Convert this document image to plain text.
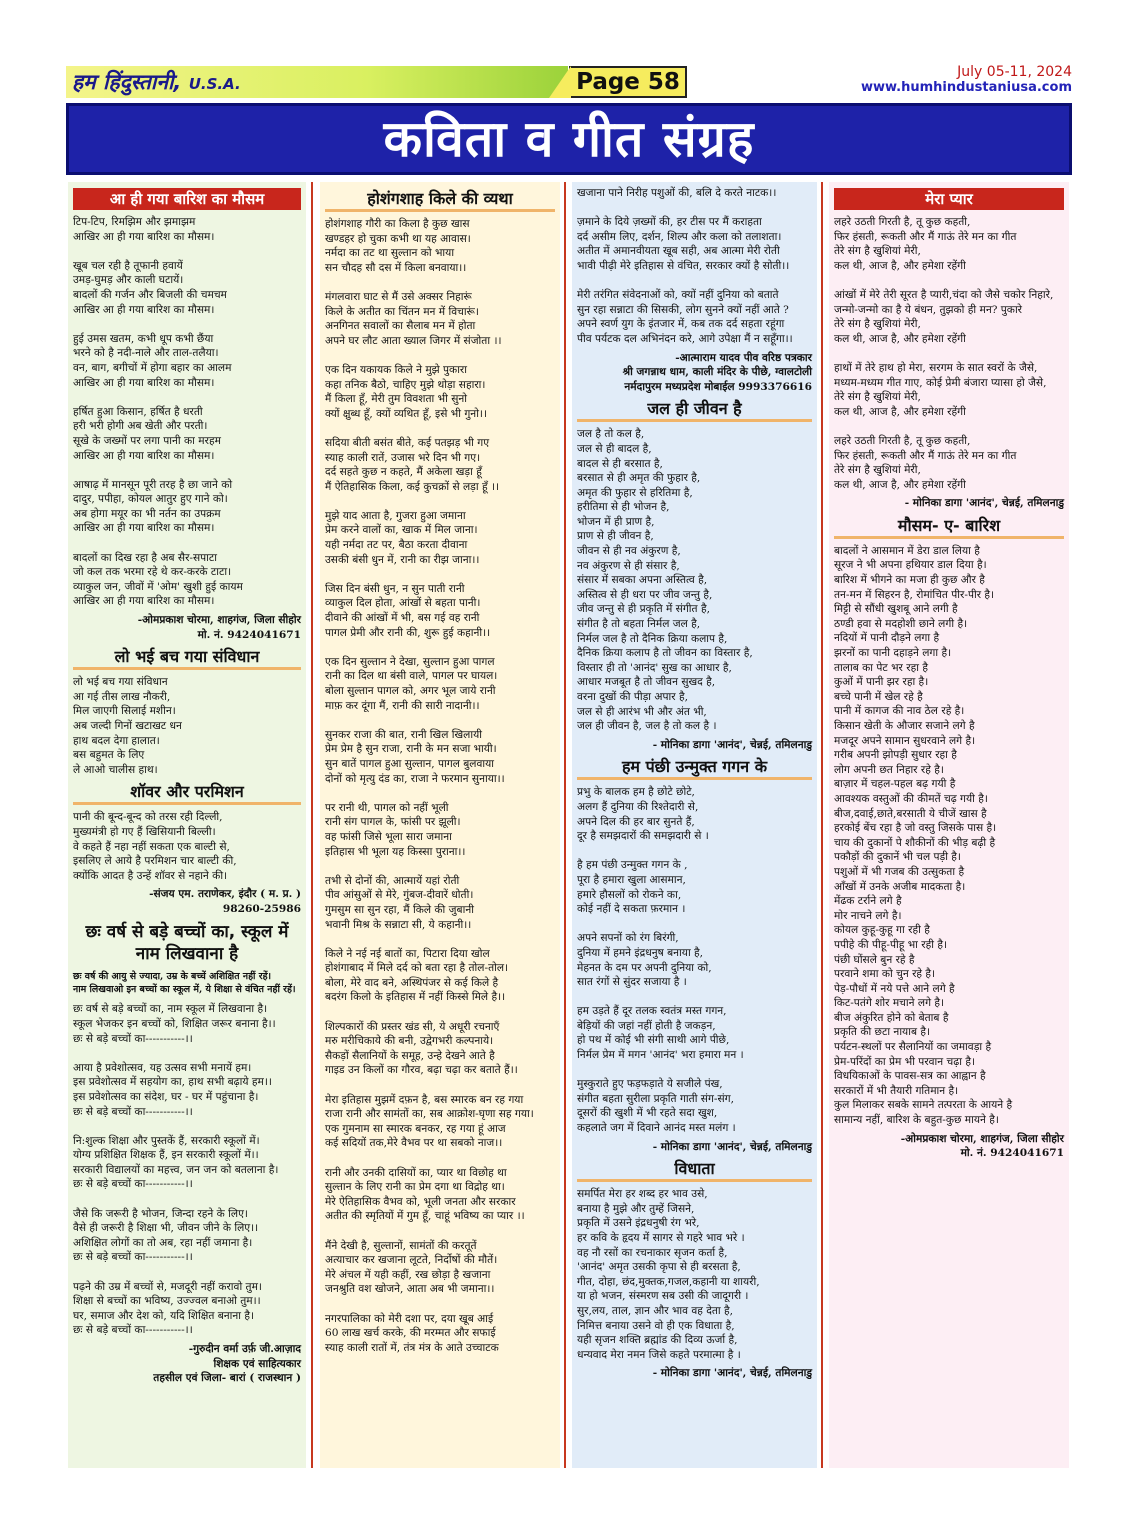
हम हिंदुस्तानी, U.S.A.	Page 58	July 05-11, 2024
www.humhindustaniusa.com
कविता व गीत संग्रह
आ ही गया बारिश का मौसम
टिप-टिप, रिमझिम और झमाझम
आखिर आ ही गया बारिश का मौसम।

खूब चल रही है तूफानी हवायें
उमड़-घुमड़ और काली घटायें।
बादलों की गर्जन और बिजली की चमचम
आखिर आ ही गया बारिश का मौसम।

हुई उमस खतम, कभी धूप कभी छैंया
भरने को है नदी-नाले और ताल-तलैया।
वन, बाग, बगीचों में होगा बहार का आलम
आखिर आ ही गया बारिश का मौसम।

हर्षित हुआ किसान, हर्षित है धरती
हरी भरी होगी अब खेती और परती।
सूखे के जख्मों पर लगा पानी का मरहम
आखिर आ ही गया बारिश का मौसम।

आषाढ़ में मानसून पूरी तरह है छा जाने को
दादुर, पपीहा, कोयल आतुर हुए गाने को।
अब होगा मयूर का भी नर्तन का उपक्रम
आखिर आ ही गया बारिश का मौसम।

बादलों का दिख रहा है अब सैर-सपाटा
जो कल तक भरमा रहे थे कर-करके टाटा।
व्याकुल जन, जीवों में 'ओम' खुशी हुई कायम
आखिर आ ही गया बारिश का मौसम।
-ओमप्रकाश चोरमा, शाहगंज, जिला सीहोर
मो. नं. 9424041671
लो भई बच गया संविधान
लो भई बच गया संविधान
आ गई तीस लाख नौकरी,
मिल जाएगी सिलाई मशीन।
अब जल्दी गिनों खटाखट धन
हाथ बदल देगा हालात।
बस बहुमत के लिए
ले आओ चालीस हाथ।
शॉवर और परमिशन
पानी की बून्द-बून्द को तरस रही दिल्ली,
मुख्यमंत्री हो गए हैं खिसियानी बिल्ली।
वे कहते हैं नहा नहीं सकता एक बाल्टी से,
इसलिए ले आये है परमिशन चार बाल्टी की,
क्योंकि आदत है उन्हें शॉवर से नहाने की।
-संजय एम. तराणेकर, इंदौर ( म. प्र. )
98260-25986
छः वर्ष से बड़े बच्चों का, स्कूल में नाम लिखवाना है
छः वर्ष की आयु से ज्यादा, उम्र के बच्चें अशिक्षित नहीं रहें।
नाम लिखवाओ इन बच्चों का स्कूल में, ये शिक्षा से वंचित नहीं रहें।
छः वर्ष से बड़े बच्चों का, नाम स्कूल में लिखवाना है।
स्कूल भेजकर इन बच्चों को, शिक्षित जरूर बनाना है।।
छः से बड़े बच्चों का-----------।।

आया है प्रवेशोत्सव, यह उत्सव सभी मनायें हम।
इस प्रवेशोत्सव में सहयोग का, हाथ सभी बढ़ाये हम।।
इस प्रवेशोत्सव का संदेश, घर - घर में पहुंचाना है।
छः से बड़े बच्चों का-----------।।

नि:शुल्क शिक्षा और पुस्तकें हैं, सरकारी स्कूलों में।
योग्य प्रशिक्षित शिक्षक हैं, इन सरकारी स्कूलों में।।
सरकारी विद्यालयों का महत्त्व, जन जन को बतलाना है।
छः से बड़े बच्चों का-----------।।

जैसे कि जरूरी है भोजन, जिन्दा रहने के लिए।
वैसे ही जरूरी है शिक्षा भी, जीवन जीने के लिए।।
अशिक्षित लोगों का तो अब, रहा नहीं जमाना है।
छः से बड़े बच्चों का-----------।।

पढ़ने की उम्र में बच्चों से, मजदूरी नहीं करावो तुम।
शिक्षा से बच्चों का भविष्य, उज्ज्वल बनाओ तुम।।
घर, समाज और देश को, यदि शिक्षित बनाना है।
छः से बड़े बच्चों का-----------।।
-गुरुदीन वर्मा उर्फ़ जी.आज़ाद
शिक्षक एवं साहित्यकार
तहसील एवं जिला- बारां ( राजस्थान )
होशंगशाह किले की व्यथा
होशंगशाह गौरी का किला है कुछ खास
खण्डहर हो चुका कभी था यह आवास।
नर्मदा का तट था सुल्तान को भाया
सन चौदह सौ दस में किला बनवाया।।

मंगलवारा घाट से मैं उसे अक्सर निहारूं
किले के अतीत का चिंतन मन में विचारूं।
अनगिनत सवालों का सैलाब मन में होता
अपने घर लौट आता ख्याल जिगर में संजोता ।।

एक दिन यकायक किले ने मुझे पुकारा
कहा तनिक बैठो, चाहिए मुझे थोड़ा सहारा।
मैं किला हूँ, मेरी तुम विवशता भी सुनो
क्यों क्षुब्ध हूँ, क्यों व्यथित हूँ, इसे भी गुनो।।

सदिया बीती बसंत बीते, कई पतझड़ भी गए
स्याह काली रातें, उजास भरे दिन भी गए।
दर्द सहते कुछ न कहते, मैं अकेला खड़ा हूँ
मैं ऐतिहासिक किला, कई कुचक्रों से लड़ा हूँ ।।

मुझे याद आता है, गुजरा हुआ जमाना
प्रेम करने वालों का, खाक में मिल जाना।
यही नर्मदा तट पर, बैठा करता दीवाना
उसकी बंसी धुन में, रानी का रीझ जाना।।

जिस दिन बंसी धुन, न सुन पाती रानी
व्याकुल दिल होता, आंखों से बहता पानी।
दीवाने की आंखों में भी, बस गई वह रानी
पागल प्रेमी और रानी की, शुरू हुई कहानी।।

एक दिन सुल्तान ने देखा, सुल्तान हुआ पागल
रानी का दिल था बंसी वाले, पागल पर घायल।
बोला सुल्तान पागल को, अगर भूल जाये रानी
माफ़ कर दूंगा मैं, रानी की सारी नादानी।।

सुनकर राजा की बात, रानी खिल खिलायी
प्रेम प्रेम है सुन राजा, रानी के मन सजा भायी।
सुन बातें पागल हुआ सुल्तान, पागल बुलवाया
दोनों को मृत्यु दंड का, राजा ने फरमान सुनाया।।

पर रानी थी, पागल को नहीं भूली
रानी संग पागल के, फांसी पर झूली।
वह फांसी जिसे भूला सारा जमाना
इतिहास भी भूला यह किस्सा पुराना।।

तभी से दोनों की, आत्मायें यहां रोती
पीव आंसुओं से मेरे, गुंबज-दीवारें धोती।
गुमसुम सा सुन रहा, मैं किले की जुबानी
भवानी मिश्र के सन्नाटा सी, ये कहानी।।

किले ने नई नई बातों का, पिटारा दिया खोल
होशंगाबाद में मिले दर्द को बता रहा है तोल-तोल।
बोला, मेरे वाद बने, अस्थिपंजर से कई किले है
बदरंग किलो के इतिहास में नहीं किस्से मिले है।।

शिल्पकारों की प्रस्तर खंड सी, ये अधूरी रचनाएँ
मरु मरीचिकाये की बनी, उद्वेगभरी कल्पनाये।
सैकड़ों सैलानियों के समूह, उन्हे देखने आते है
गाइड उन किलों का गौरव, बढ़ा चढ़ा कर बताते हैं।।

मेरा इतिहास मुझमें दफ़न है, बस स्मारक बन रह गया
राजा रानी और सामंतों का, सब आक्रोश-घृणा सह गया।
एक गुमनाम सा स्मारक बनकर, रह गया हूं आज
कई सदियों तक,मेरे वैभव पर था सबको नाज।।

रानी और उनकी दासियों का, प्यार था विछोह था
सुल्तान के लिए रानी का प्रेम दगा था विद्रोह था।
मेरे ऐतिहासिक वैभव को, भूली जनता और सरकार
अतीत की स्मृतियों में गुम हूँ, चाहूं भविष्य का प्यार ।।

मैंने देखी है, सुल्तानों, सामंतों की करतूतें
अत्याचार कर खजाना लूटते, निर्दोषों की मौतें।
मेरे अंचल में यही कहीं, रख छोड़ा है खजाना
जनश्रुति वश खोजने, आता अब भी जमाना।।

नगरपालिका को मेरी दशा पर, दया खूब आई
60 लाख खर्च करके, की मरम्मत और सफाई
स्याह काली रातों में, तंत्र मंत्र के आते उच्चाटक
खजाना पाने निरीह पशुओं की, बलि दे करते नाटक।।

ज़माने के दिये ज़ख्मों की, हर टीस पर मैं कराहता
दर्द असीम लिए, दर्शन, शिल्प और कला को तलाशता।
अतीत में अमानवीयता खूब सही, अब आत्मा मेरी रोती
भावी पीढ़ी मेरे इतिहास से वंचित, सरकार क्यों है सोती।।

मेरी तरंगित संवेदनाओं को, क्यों नहीं दुनिया को बताते
सुन रहा सन्नाटा की सिसकी, लोग सुनने क्यों नहीं आते ?
अपने स्वर्ण युग के इंतजार में, कब तक दर्द सहता रहूंगा
पीव पर्यटक दल अभिनंदन करे, आगे उपेक्षा मैं न सहूँगा।।
-आत्माराम यादव पीव वरिष्ठ पत्रकार
श्री जगन्नाथ धाम, काली मंदिर के पीछे, ग्वालटोली
नर्मदापुरम मध्यप्रदेश मोबाईल 9993376616
जल ही जीवन है
जल है तो कल है,
जल से ही बादल है,
बादल से ही बरसात है,
बरसात से ही अमृत की फुहार है,
अमृत की फुहार से हरितिमा है,
हरीतिमा से ही भोजन है,
भोजन में ही प्राण है,
प्राण से ही जीवन है,
जीवन से ही नव अंकुरण है,
नव अंकुरण से ही संसार है,
संसार में सबका अपना अस्तित्व है,
अस्तित्व से ही धरा पर जीव जन्तु है,
जीव जन्तु से ही प्रकृति में संगीत है,
संगीत है तो बहता निर्मल जल है,
निर्मल जल है तो दैनिक क्रिया कलाप है,
दैनिक क्रिया कलाप है तो जीवन का विस्तार है,
विस्तार ही तो 'आनंद' सुख का आधार है,
आधार मजबूत है तो जीवन सुखद है,
वरना दुखों की पीड़ा अपार है,
जल से ही आरंभ भी और अंत भी,
जल ही जीवन है, जल है तो कल है ।
- मोनिका डागा 'आनंद', चेन्नई, तमिलनाडु
हम पंछी उन्मुक्त गगन के
प्रभु के बालक हम है छोटे छोटे,
अलग हैं दुनिया की रिश्तेदारी से,
अपने दिल की हर बार सुनते हैं,
दूर है समझदारों की समझदारी से ।

है हम पंछी उन्मुक्त गगन के ,
पूरा है हमारा खुला आसमान,
हमारे हौसलों को रोकने का,
कोई नहीं दे सकता फ़रमान ।

अपने सपनों को रंग बिरंगी,
दुनिया में हमने इंद्रधनुष बनाया है,
मेहनत के दम पर अपनी दुनिया को,
सात रंगों से सुंदर सजाया है ।

हम उड़ते हैं दूर तलक स्वतंत्र मस्त गगन,
बेड़ियों की जहां नहीं होती है जकड़न,
हो पथ में कोई भी संगी साथी आगे पीछे,
निर्मल प्रेम में मगन 'आनंद' भरा हमारा मन ।

मुस्कुराते हुए फड़फड़ाते ये सजीले पंख,
संगीत बहता सुरीला प्रकृति गाती संग-संग,
दूसरों की खुशी में भी रहते सदा खुश,
कहलाते जग में दिवाने आनंद मस्त मलंग ।
- मोनिका डागा 'आनंद', चेन्नई, तमिलनाडु
विधाता
समर्पित मेरा हर शब्द हर भाव उसे,
बनाया है मुझे और तुम्हें जिसने,
प्रकृति में उसने इंद्रधनुषी रंग भरे,
हर कवि के हृदय में सागर से गहरे भाव भरे ।
वह नौ रसों का रचनाकार सृजन कर्ता है,
'आनंद' अमृत उसकी कृपा से ही बरसता है,
गीत, दोहा, छंद,मुक्तक,गजल,कहानी या शायरी,
या हो भजन, संस्मरण सब उसी की जादूगरी ।
सुर,लय, ताल, ज्ञान और भाव वह देता है,
निमित्त बनाया उसने वो ही एक विधाता है,
यही सृजन शक्ति ब्रह्मांड की दिव्य ऊर्जा है,
धन्यवाद मेरा नमन जिसे कहते परमात्मा है ।
- मोनिका डागा 'आनंद', चेन्नई, तमिलनाडु
मेरा प्यार
लहरे उठती गिरती है, तू कुछ कहती,
फिर हंसती, रूकती और मैं गाऊं तेरे मन का गीत
तेरे संग है खुशियां मेरी,
कल थी, आज है, और हमेशा रहेंगी

आंखों में मेरे तेरी सूरत है प्यारी,चंदा को जैसे चकोर निहारे,
जन्मो-जन्मो का है ये बंधन, तुझको ही मन? पुकारे
तेरे संग है खुशियां मेरी,
कल थी, आज है, और हमेशा रहेंगी

हाथों में तेरे हाथ हो मेरा, सरगम के सात स्वरों के जैसे,
मध्यम-मध्यम गीत गाए, कोई प्रेमी बंजारा प्यासा हो जैसे,
तेरे संग है खुशियां मेरी,
कल थी, आज है, और हमेशा रहेंगी

लहरे उठती गिरती है, तू कुछ कहती,
फिर हंसती, रूकती और मैं गाऊं तेरे मन का गीत
तेरे संग है खुशियां मेरी,
कल थी, आज है, और हमेशा रहेंगी
- मोनिका डागा 'आनंद', चेन्नई, तमिलनाडु
मौसम- ए- बारिश
बादलों ने आसमान में डेरा डाल लिया है
सूरज ने भी अपना हथियार डाल दिया है।
बारिश में भीगने का मजा ही कुछ और है
तन-मन में सिहरन है, रोमांचित पीर-पीर है।
मिट्टी से सौंधी खुशबू आने लगी है
ठण्डी हवा से मदहोशी छाने लगी है।
नदियों में पानी दौड़ने लगा है
झरनों का पानी दहाड़ने लगा है।
तालाब का पेट भर रहा है
कुओं में पानी झर रहा है।
बच्चे पानी में खेल रहे है
पानी में कागज की नाव ठेल रहे है।
किसान खेती के औजार सजाने लगे है
मजदूर अपने सामान सुधरवाने लगे है।
गरीब अपनी झोपड़ी सुधार रहा है
लोग अपनी छत निहार रहे है।
बाज़ार में चहल-पहल बढ़ गयी है
आवश्यक वस्तुओं की कीमतें चढ़ गयी है।
बीज,दवाई,छाते,बरसाती ये चीजें खास है
हरकोई बेंच रहा है जो वस्तु जिसके पास है।
चाय की दुकानों पे शौकीनों की भीड़ बढ़ी है
पकौड़ों की दुकानें भी चल पड़ी है।
पशुओं में भी गजब की उत्सुकता है
आँखों में उनके अजीब मादकता है।
मेंढक टर्राने लगे है
मोर नाचने लगे है।
कोयल कुहू-कुहू गा रही है
पपीहे की पीहू-पीहू भा रही है।
पंछी घोंसले बुन रहे है
परवाने शमा को चुन रहे है।
पेड़-पौधों में नये पत्ते आने लगे है
किट-पतंगे शोर मचाने लगे है।
बीज अंकुरित होने को बेताब है
प्रकृति की छटा नायाब है।
पर्यटन-स्थलों पर सैलानियों का जमावड़ा है
प्रेम-परिंदों का प्रेम भी परवान चढ़ा है।
विधयिकाओं के पावस-सत्र का आह्वान है
सरकारों में भी तैयारी गतिमान है।
कुल मिलाकर सबके सामने तत्परता के आयने है
सामान्य नहीं, बारिश के बहुत-कुछ मायने है।
-ओमप्रकाश चोरमा, शाहगंज, जिला सीहोर
मो. नं. 9424041671
